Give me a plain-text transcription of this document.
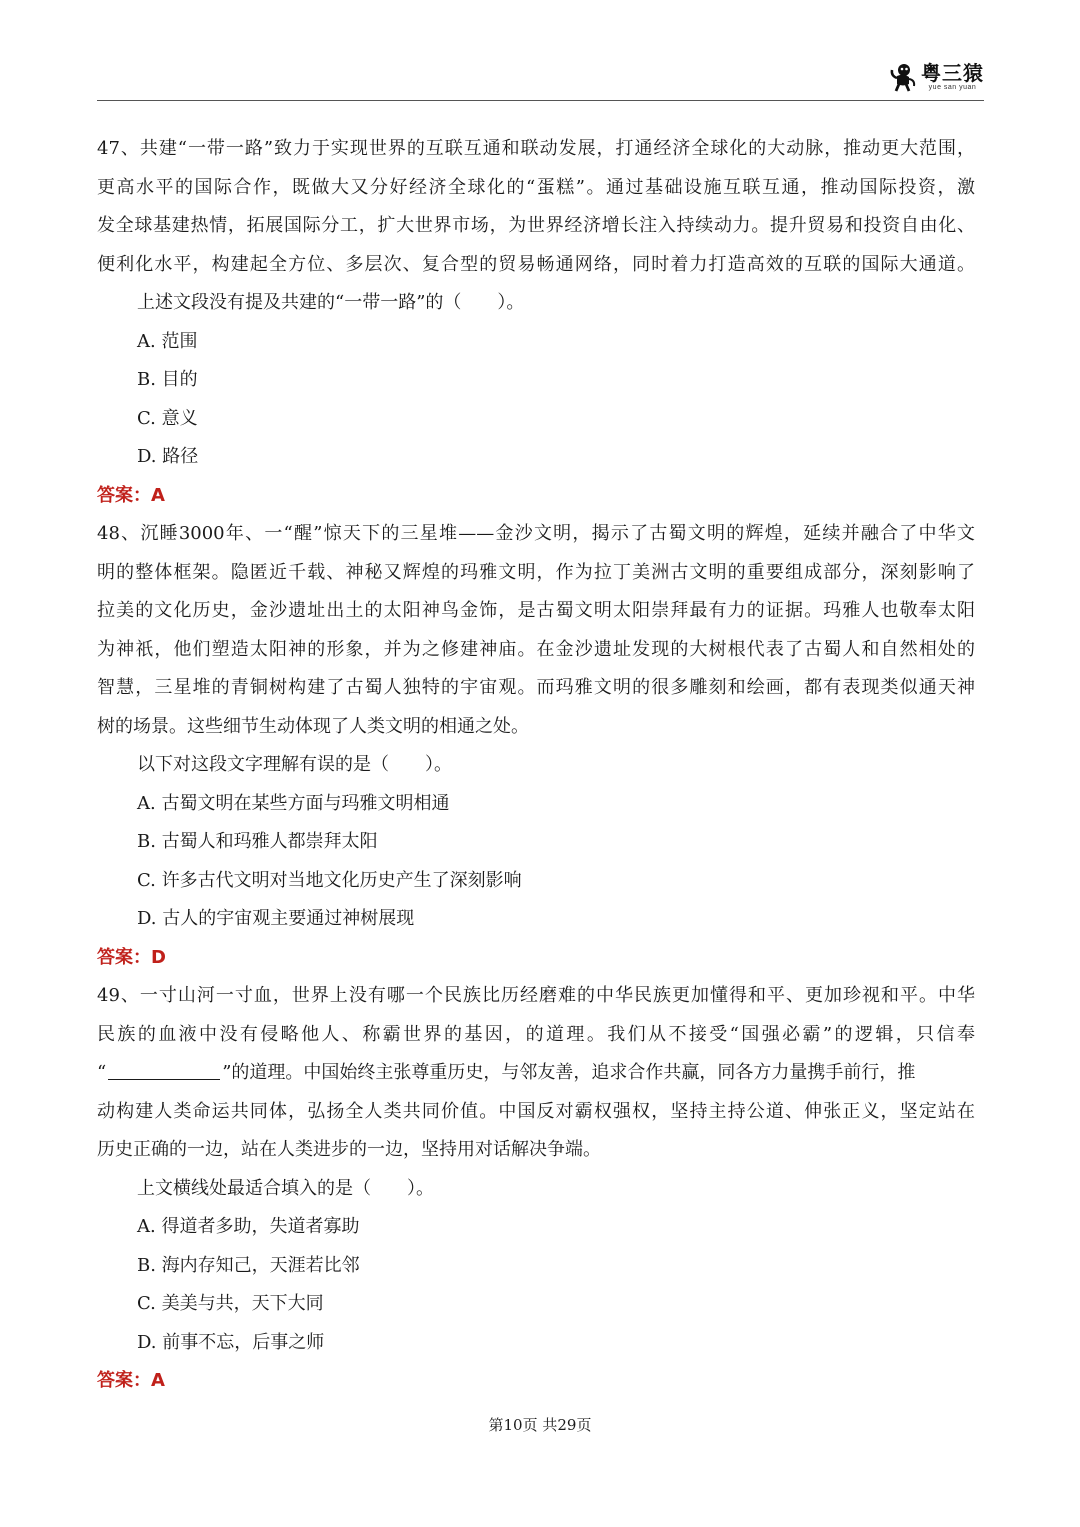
粤三猿
yue san yuan

47、共建“一带一路”致力于实现世界的互联互通和联动发展，打通经济全球化的大动脉，推动更大范围，

更高水平的国际合作，既做大又分好经济全球化的“蛋糕”。通过基础设施互联互通，推动国际投资，激

发全球基建热情，拓展国际分工，扩大世界市场，为世界经济增长注入持续动力。提升贸易和投资自由化、

便利化水平，构建起全方位、多层次、复合型的贸易畅通网络，同时着力打造高效的互联的国际大通道。

上述文段没有提及共建的“一带一路”的（　　）。

A. 范围

B. 目的

C. 意义

D. 路径

答案：A

48、沉睡3000年、一“醒”惊天下的三星堆——金沙文明，揭示了古蜀文明的辉煌，延续并融合了中华文

明的整体框架。隐匿近千载、神秘又辉煌的玛雅文明，作为拉丁美洲古文明的重要组成部分，深刻影响了

拉美的文化历史，金沙遗址出土的太阳神鸟金饰，是古蜀文明太阳崇拜最有力的证据。玛雅人也敬奉太阳

为神祇，他们塑造太阳神的形象，并为之修建神庙。在金沙遗址发现的大树根代表了古蜀人和自然相处的

智慧，三星堆的青铜树构建了古蜀人独特的宇宙观。而玛雅文明的很多雕刻和绘画，都有表现类似通天神

树的场景。这些细节生动体现了人类文明的相通之处。

以下对这段文字理解有误的是（　　）。

A. 古蜀文明在某些方面与玛雅文明相通

B. 古蜀人和玛雅人都崇拜太阳

C. 许多古代文明对当地文化历史产生了深刻影响

D. 古人的宇宙观主要通过神树展现

答案：D

49、一寸山河一寸血，世界上没有哪一个民族比历经磨难的中华民族更加懂得和平、更加珍视和平。中华

民族的血液中没有侵略他人、称霸世界的基因，的道理。我们从不接受“国强必霸”的逻辑，只信奉

“	”的道理。中国始终主张尊重历史，与邻友善，追求合作共赢，同各方力量携手前行，推

动构建人类命运共同体，弘扬全人类共同价值。中国反对霸权强权，坚持主持公道、伸张正义，坚定站在

历史正确的一边，站在人类进步的一边，坚持用对话解决争端。

上文横线处最适合填入的是（　　）。

A. 得道者多助，失道者寡助

B. 海内存知己，天涯若比邻

C. 美美与共，天下大同

D. 前事不忘，后事之师

答案：A

第10页 共29页
